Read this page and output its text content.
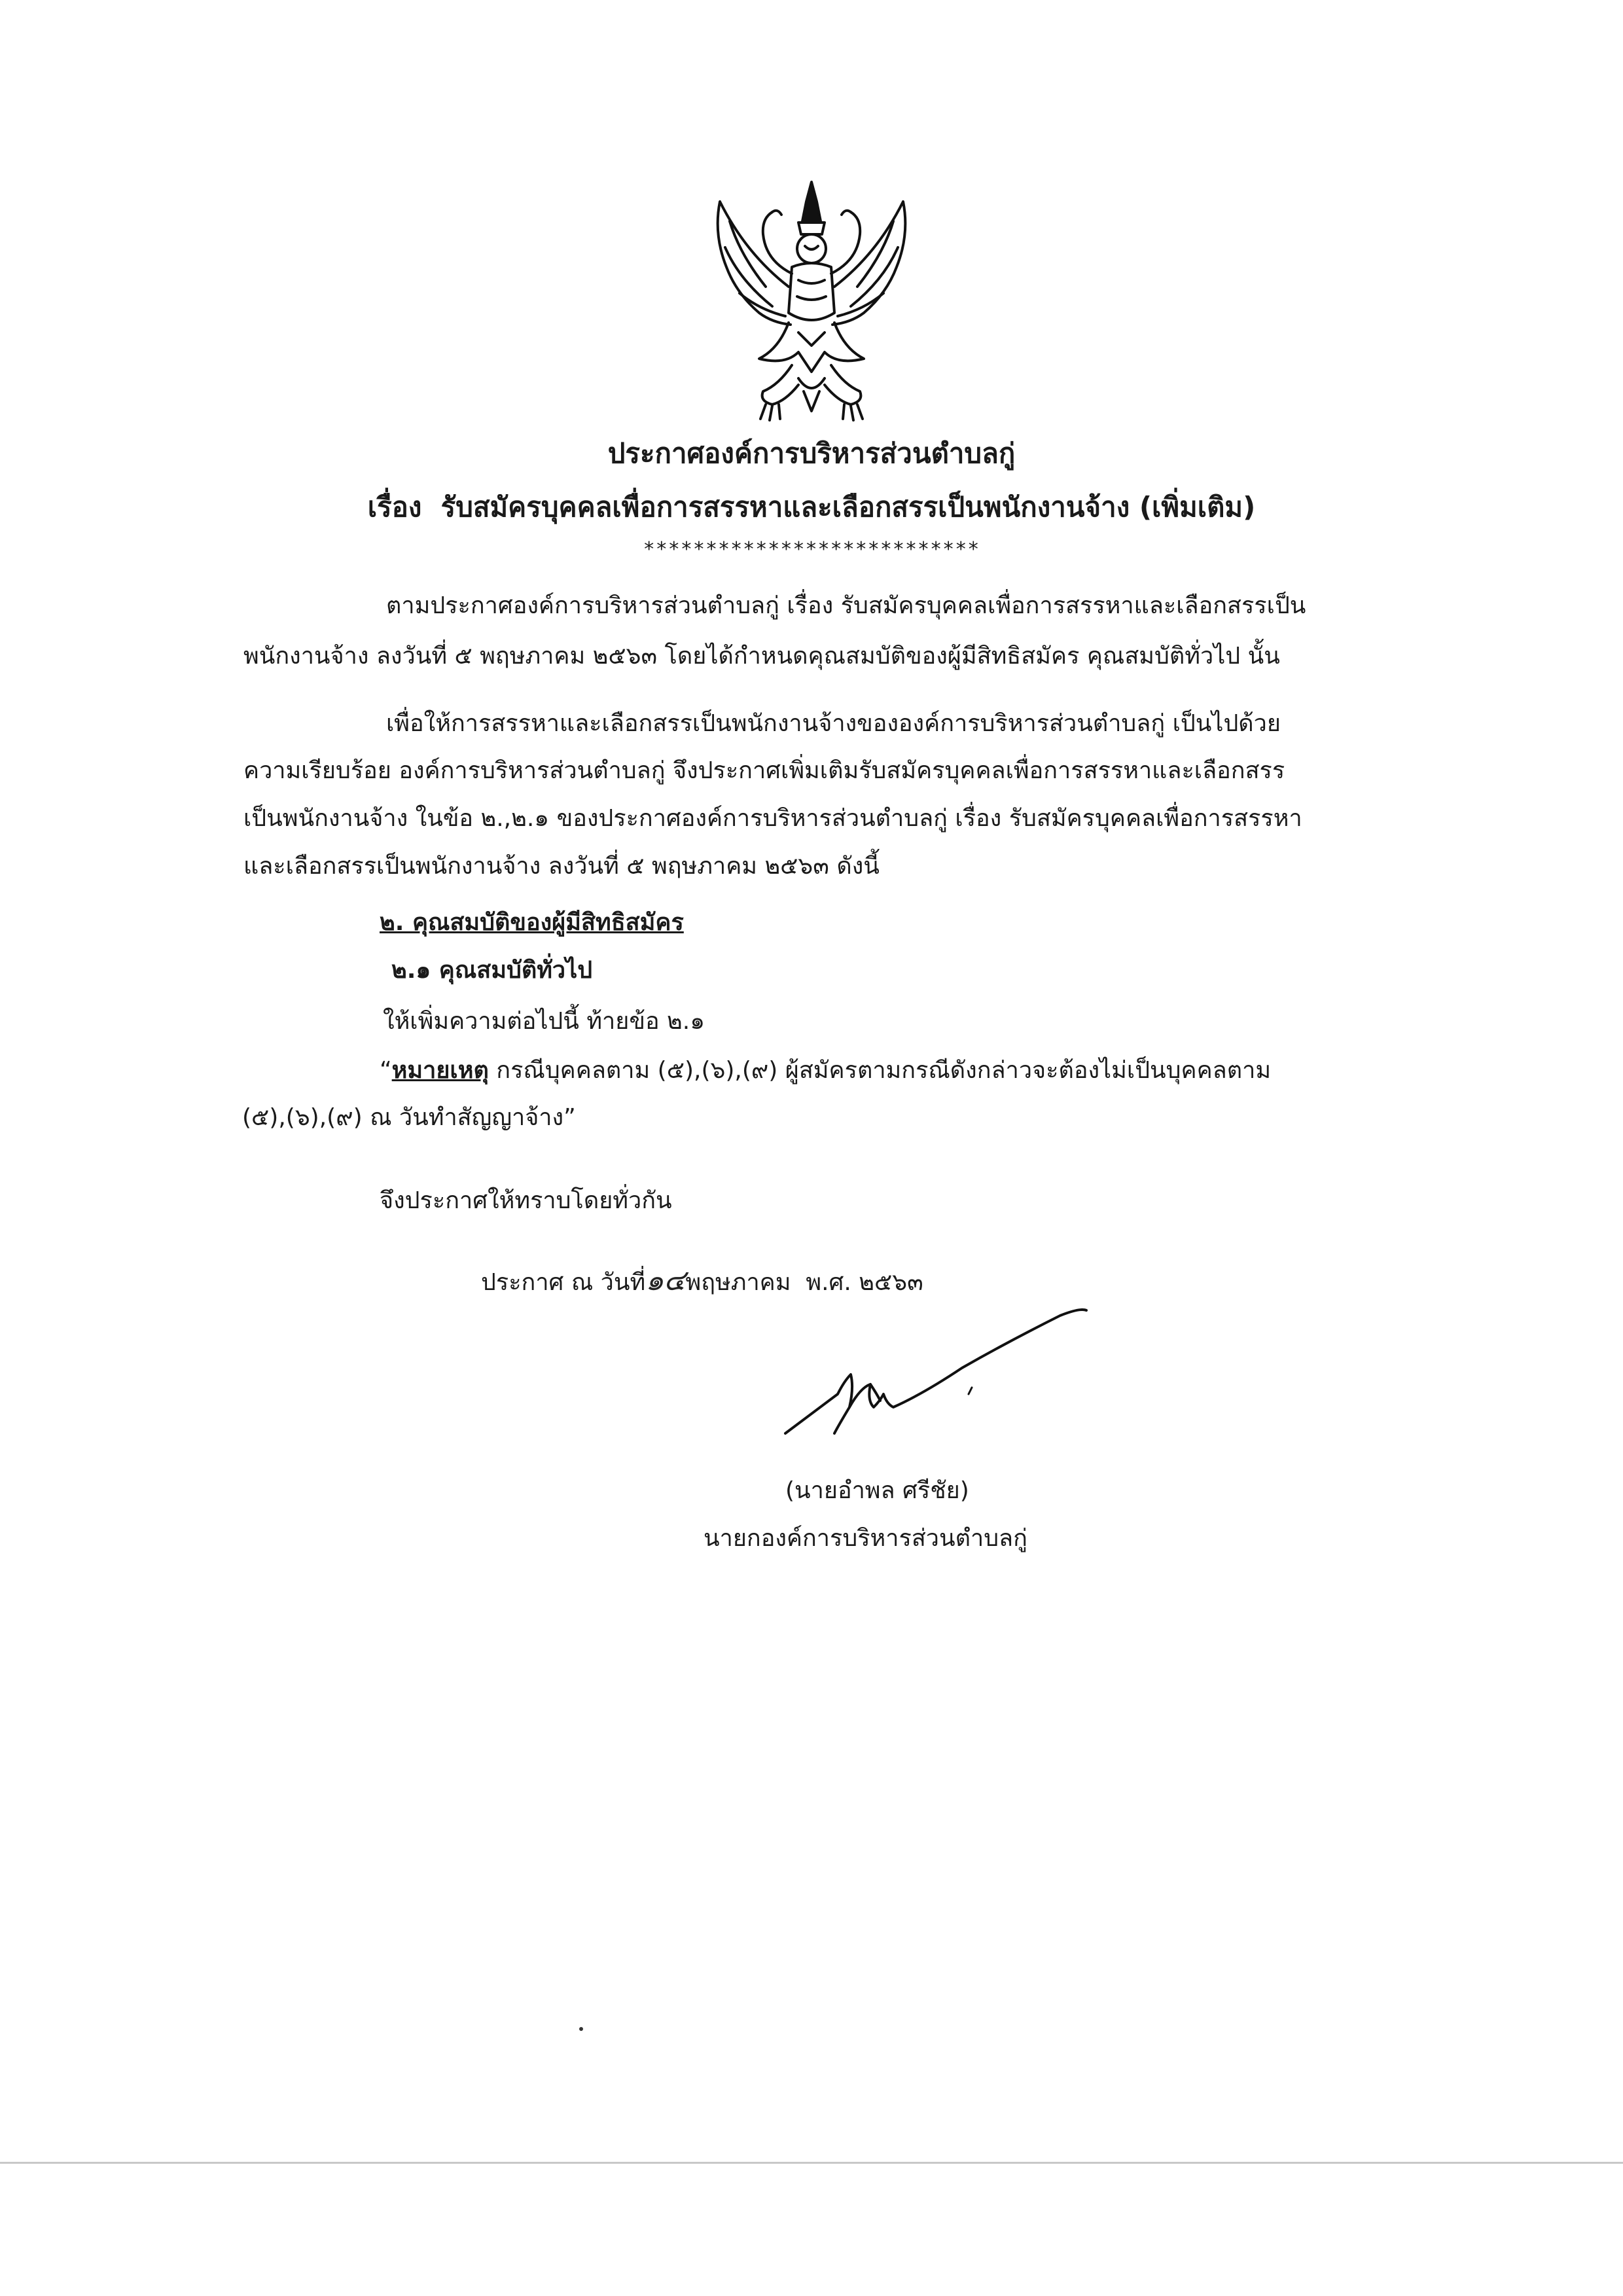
ประกาศองค์การบริหารส่วนตำบลกู่
เรื่อง รับสมัครบุคคลเพื่อการสรรหาและเลือกสรรเป็นพนักงานจ้าง (เพิ่มเติม)
***************************
ตามประกาศองค์การบริหารส่วนตำบลกู่ เรื่อง รับสมัครบุคคลเพื่อการสรรหาและเลือกสรรเป็น
พนักงานจ้าง ลงวันที่ ๕ พฤษภาคม ๒๕๖๓ โดยได้กำหนดคุณสมบัติของผู้มีสิทธิสมัคร คุณสมบัติทั่วไป นั้น
เพื่อให้การสรรหาและเลือกสรรเป็นพนักงานจ้างขององค์การบริหารส่วนตำบลกู่ เป็นไปด้วย
ความเรียบร้อย องค์การบริหารส่วนตำบลกู่ จึงประกาศเพิ่มเติมรับสมัครบุคคลเพื่อการสรรหาและเลือกสรร
เป็นพนักงานจ้าง ในข้อ ๒.,๒.๑ ของประกาศองค์การบริหารส่วนตำบลกู่ เรื่อง รับสมัครบุคคลเพื่อการสรรหา
และเลือกสรรเป็นพนักงานจ้าง ลงวันที่ ๕ พฤษภาคม ๒๕๖๓ ดังนี้
๒. คุณสมบัติของผู้มีสิทธิสมัคร
๒.๑ คุณสมบัติทั่วไป
ให้เพิ่มความต่อไปนี้ ท้ายข้อ ๒.๑
“หมายเหตุ กรณีบุคคลตาม (๕),(๖),(๙) ผู้สมัครตามกรณีดังกล่าวจะต้องไม่เป็นบุคคลตาม
(๕),(๖),(๙) ณ วันทำสัญญาจ้าง”
จึงประกาศให้ทราบโดยทั่วกัน
ประกาศ ณ วันที่๑๔พฤษภาคม พ.ศ. ๒๕๖๓
(นายอำพล ศรีชัย)
นายกองค์การบริหารส่วนตำบลกู่
